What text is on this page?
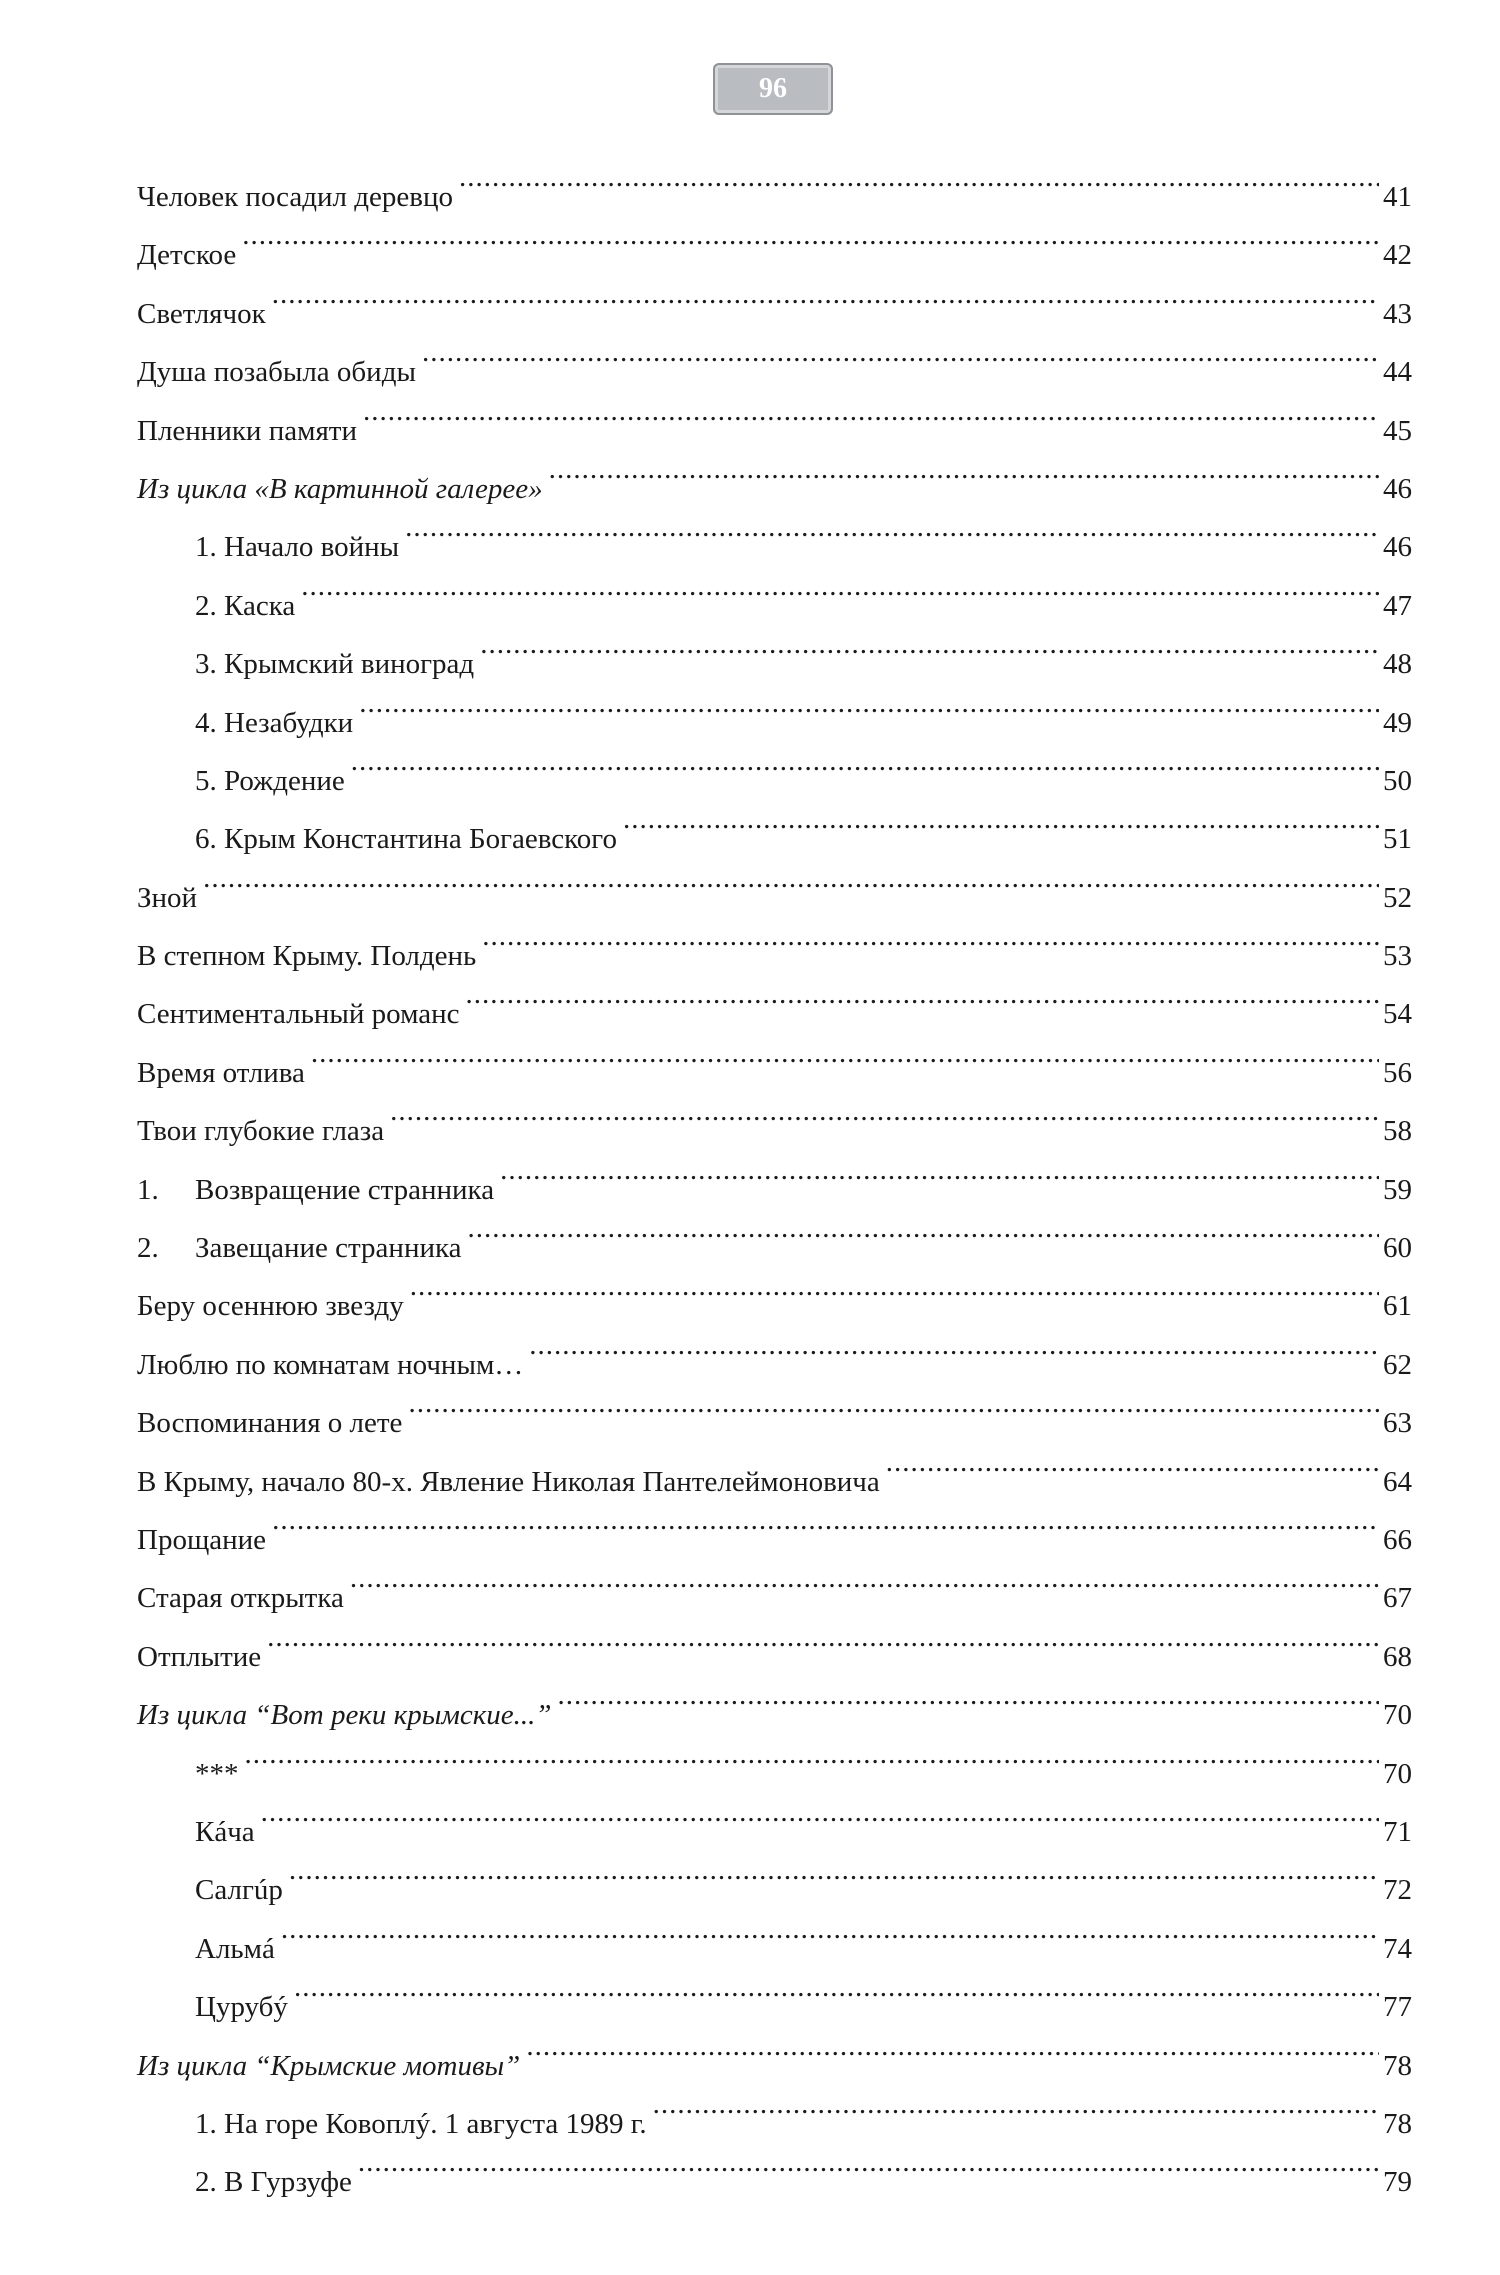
96
Человек посадил деревцо .....	41
Детское .....	42
Светлячок .....	43
Душа позабыла обиды .....	44
Пленники памяти .....	45
Из цикла «В картинной галерее» .....	46
1. Начало войны .....	46
2. Каска .....	47
3. Крымский виноград .....	48
4. Незабудки .....	49
5. Рождение .....	50
6. Крым Константина Богаевского .....	51
Зной .....	52
В степном Крыму. Полдень .....	53
Сентиментальный романс .....	54
Время отлива .....	56
Твои глубокие глаза .....	58
1.	Возвращение странника .....	59
2.	Завещание странника .....	60
Беру осеннюю звезду .....	61
Люблю по комнатам ночным… .....	62
Воспоминания о лете .....	63
В Крыму, начало 80-х. Явление Николая Пантелеймоновича .....	64
Прощание .....	66
Старая открытка .....	67
Отплытие .....	68
Из цикла “Вот реки крымские...” .....	70
*** .....	70
Кáча .....	71
Салгúр .....	72
Альмá .....	74
Цурубý .....	77
Из цикла “Крымские мотивы” .....	78
1. На горе Ковоплý. 1 августа 1989 г. .....	78
2. В Гурзуфе .....	79
